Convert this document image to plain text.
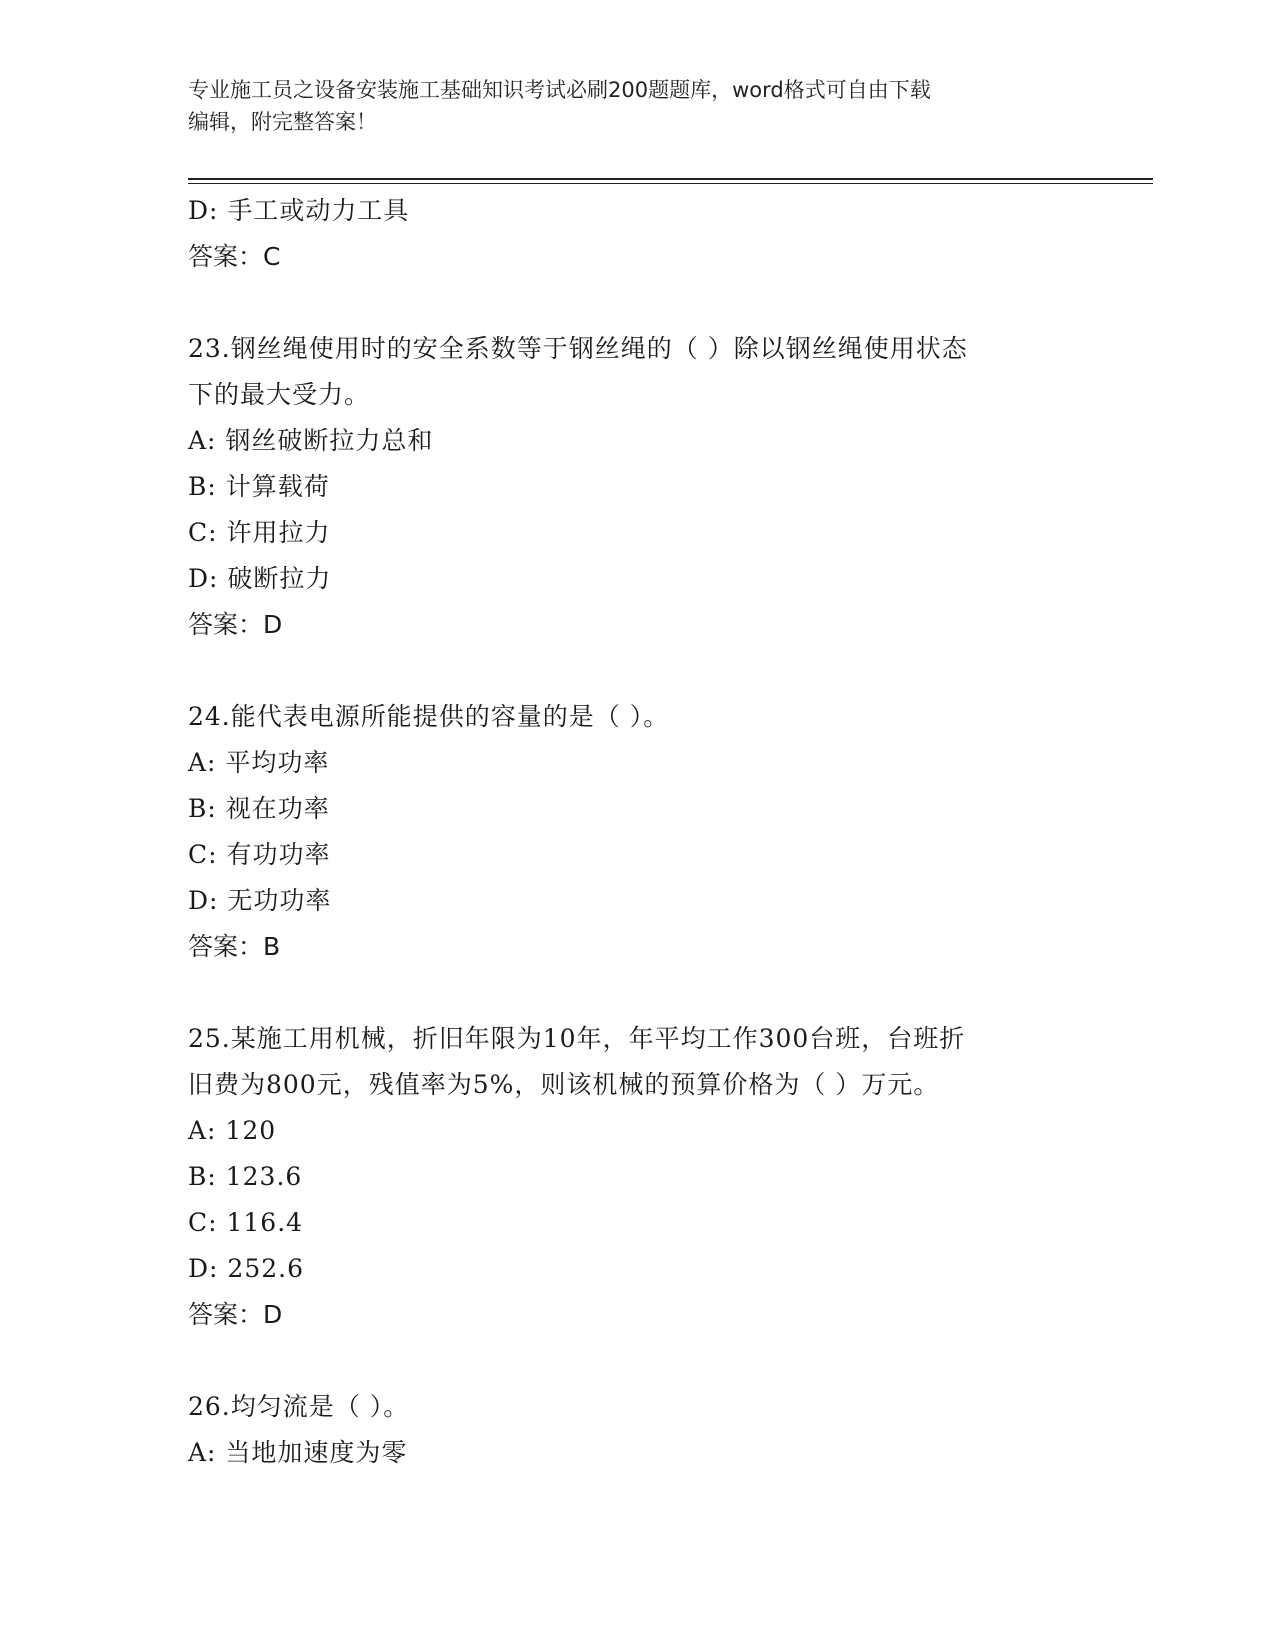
专业施工员之设备安装施工基础知识考试必刷200题题库，word格式可自由下载
编辑，附完整答案！
D: 手工或动力工具
答案：C
23.钢丝绳使用时的安全系数等于钢丝绳的（ ）除以钢丝绳使用状态
下的最大受力。
A: 钢丝破断拉力总和
B: 计算载荷
C: 许用拉力
D: 破断拉力
答案：D
24.能代表电源所能提供的容量的是（ ）。
A: 平均功率
B: 视在功率
C: 有功功率
D: 无功功率
答案：B
25.某施工用机械，折旧年限为10年，年平均工作300台班，台班折
旧费为800元，残值率为5%，则该机械的预算价格为（ ）万元。
A: 120
B: 123.6
C: 116.4
D: 252.6
答案：D
26.均匀流是（ ）。
A: 当地加速度为零
